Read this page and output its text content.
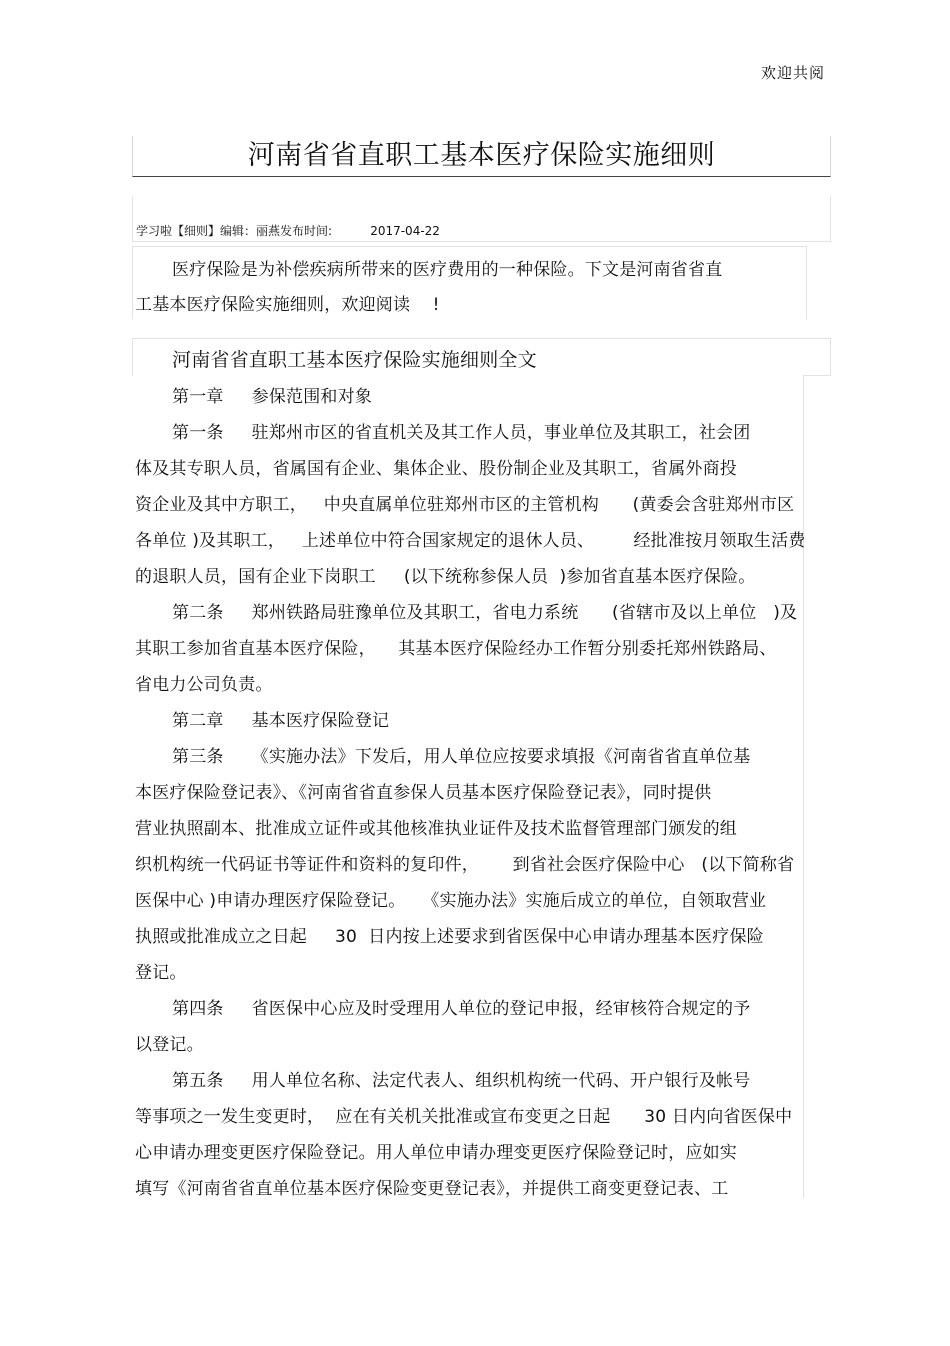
欢迎共阅
河南省省直职工基本医疗保险实施细则
学习啦【细则】编辑：丽燕发布时间:          2017-04-22
医疗保险是为补偿疾病所带来的医疗费用的一种保险。下文是河南省省直
工基本医疗保险实施细则，欢迎阅读    !
河南省省直职工基本医疗保险实施细则全文
第一章     参保范围和对象
第一条     驻郑州市区的省直机关及其工作人员，事业单位及其职工，社会团
体及其专职人员，省属国有企业、集体企业、股份制企业及其职工，省属外商投
资企业及其中方职工，   中央直属单位驻郑州市区的主管机构      (黄委会含驻郑州市区
各单位 )及其职工，   上述单位中符合国家规定的退休人员、       经批准按月领取生活费
的退职人员，国有企业下岗职工     (以下统称参保人员  )参加省直基本医疗保险。
第二条     郑州铁路局驻豫单位及其职工，省电力系统      (省辖市及以上单位   )及
其职工参加省直基本医疗保险，    其基本医疗保险经办工作暂分别委托郑州铁路局、
省电力公司负责。
第二章     基本医疗保险登记
第三条     《实施办法》下发后，用人单位应按要求填报《河南省省直单位基
本医疗保险登记表》、《河南省省直参保人员基本医疗保险登记表》，同时提供
营业执照副本、批准成立证件或其他核准执业证件及技术监督管理部门颁发的组
织机构统一代码证书等证件和资料的复印件，      到省社会医疗保险中心   (以下简称省
医保中心 )申请办理医疗保险登记。   《实施办法》实施后成立的单位，自领取营业
执照或批准成立之日起     30  日内按上述要求到省医保中心申请办理基本医疗保险
登记。
第四条     省医保中心应及时受理用人单位的登记申报，经审核符合规定的予
以登记。
第五条     用人单位名称、法定代表人、组织机构统一代码、开户银行及帐号
等事项之一发生变更时，  应在有关机关批准或宣布变更之日起      30 日内向省医保中
心申请办理变更医疗保险登记。用人单位申请办理变更医疗保险登记时，应如实
填写《河南省省直单位基本医疗保险变更登记表》，并提供工商变更登记表、工
